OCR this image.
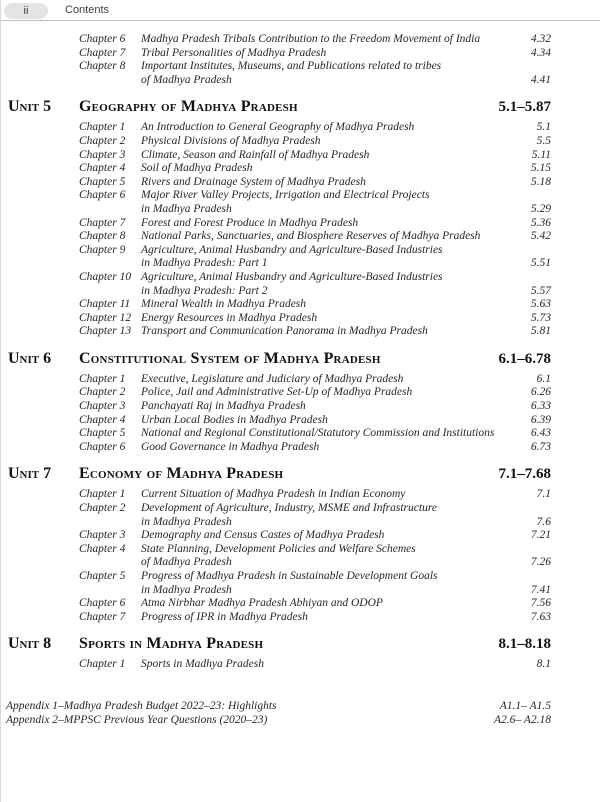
ii	Contents
Chapter 6	Madhya Pradesh Tribals Contribution to the Freedom Movement of India	4.32
Chapter 7	Tribal Personalities of Madhya Pradesh	4.34
Chapter 8	Important Institutes, Museums, and Publications related to tribes
of Madhya Pradesh	4.41
Unit 5	Geography of Madhya Pradesh	5.1–5.87
Chapter 1	An Introduction to General Geography of Madhya Pradesh	5.1
Chapter 2	Physical Divisions of Madhya Pradesh	5.5
Chapter 3	Climate, Season and Rainfall of Madhya Pradesh	5.11
Chapter 4	Soil of Madhya Pradesh	5.15
Chapter 5	Rivers and Drainage System of Madhya Pradesh	5.18
Chapter 6	Major River Valley Projects, Irrigation and Electrical Projects
in Madhya Pradesh	5.29
Chapter 7	Forest and Forest Produce in Madhya Pradesh	5.36
Chapter 8	National Parks, Sanctuaries, and Biosphere Reserves of Madhya Pradesh	5.42
Chapter 9	Agriculture, Animal Husbandry and Agriculture-Based Industries
in Madhya Pradesh: Part 1	5.51
Chapter 10 Agriculture, Animal Husbandry and Agriculture-Based Industries
in Madhya Pradesh: Part 2	5.57
Chapter 11 Mineral Wealth in Madhya Pradesh	5.63
Chapter 12 Energy Resources in Madhya Pradesh	5.73
Chapter 13 Transport and Communication Panorama in Madhya Pradesh	5.81
Unit 6	Constitutional System of Madhya Pradesh	6.1–6.78
Chapter 1	Executive, Legislature and Judiciary of Madhya Pradesh	6.1
Chapter 2	Police, Jail and Administrative Set-Up of Madhya Pradesh	6.26
Chapter 3	Panchayati Raj in Madhya Pradesh	6.33
Chapter 4	Urban Local Bodies in Madhya Pradesh	6.39
Chapter 5	National and Regional Constitutional/Statutory Commission and Institutions	6.43
Chapter 6	Good Governance in Madhya Pradesh	6.73
Unit 7	Economy of Madhya Pradesh	7.1–7.68
Chapter 1	Current Situation of Madhya Pradesh in Indian Economy	7.1
Chapter 2	Development of Agriculture, Industry, MSME and Infrastructure
in Madhya Pradesh	7.6
Chapter 3	Demography and Census Castes of Madhya Pradesh	7.21
Chapter 4	State Planning, Development Policies and Welfare Schemes
of Madhya Pradesh	7.26
Chapter 5	Progress of Madhya Pradesh in Sustainable Development Goals
in Madhya Pradesh	7.41
Chapter 6	Atma Nirbhar Madhya Pradesh Abhiyan and ODOP	7.56
Chapter 7	Progress of IPR in Madhya Pradesh	7.63
Unit 8	Sports in Madhya Pradesh	8.1–8.18
Chapter 1	Sports in Madhya Pradesh	8.1
Appendix 1–Madhya Pradesh Budget 2022–23: Highlights	A1.1– A1.5
Appendix 2–MPPSC Previous Year Questions (2020–23)	A2.6– A2.18
